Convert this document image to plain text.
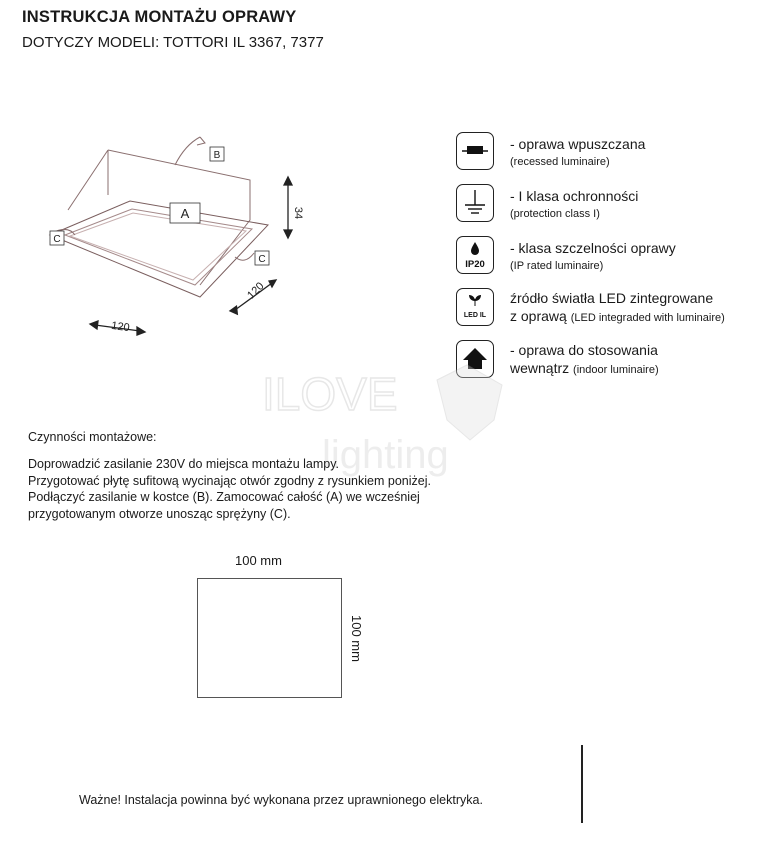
INSTRUKCJA MONTAŻU OPRAWY
DOTYCZY MODELI: TOTTORI IL 3367, 7377
B
A
C
C
34
120
120
- oprawa wpuszczana
(recessed luminaire)
- I klasa ochronności
(protection class I)
IP20
- klasa szczelności oprawy
(IP rated luminaire)
LED IL
źródło światła LED zintegrowane
z oprawą (LED integraded with luminaire)
- oprawa do stosowania
wewnątrz (indoor luminaire)
ILOVE
lighting
Czynności montażowe:
Doprowadzić zasilanie 230V do miejsca montażu lampy.
Przygotować płytę sufitową wycinając otwór zgodny z rysunkiem poniżej.
Podłączyć zasilanie w kostce (B). Zamocować całość (A) we wcześniej
przygotowanym otworze unosząc sprężyny (C).
100 mm
100 mm
Ważne! Instalacja powinna być wykonana przez uprawnionego elektryka.
